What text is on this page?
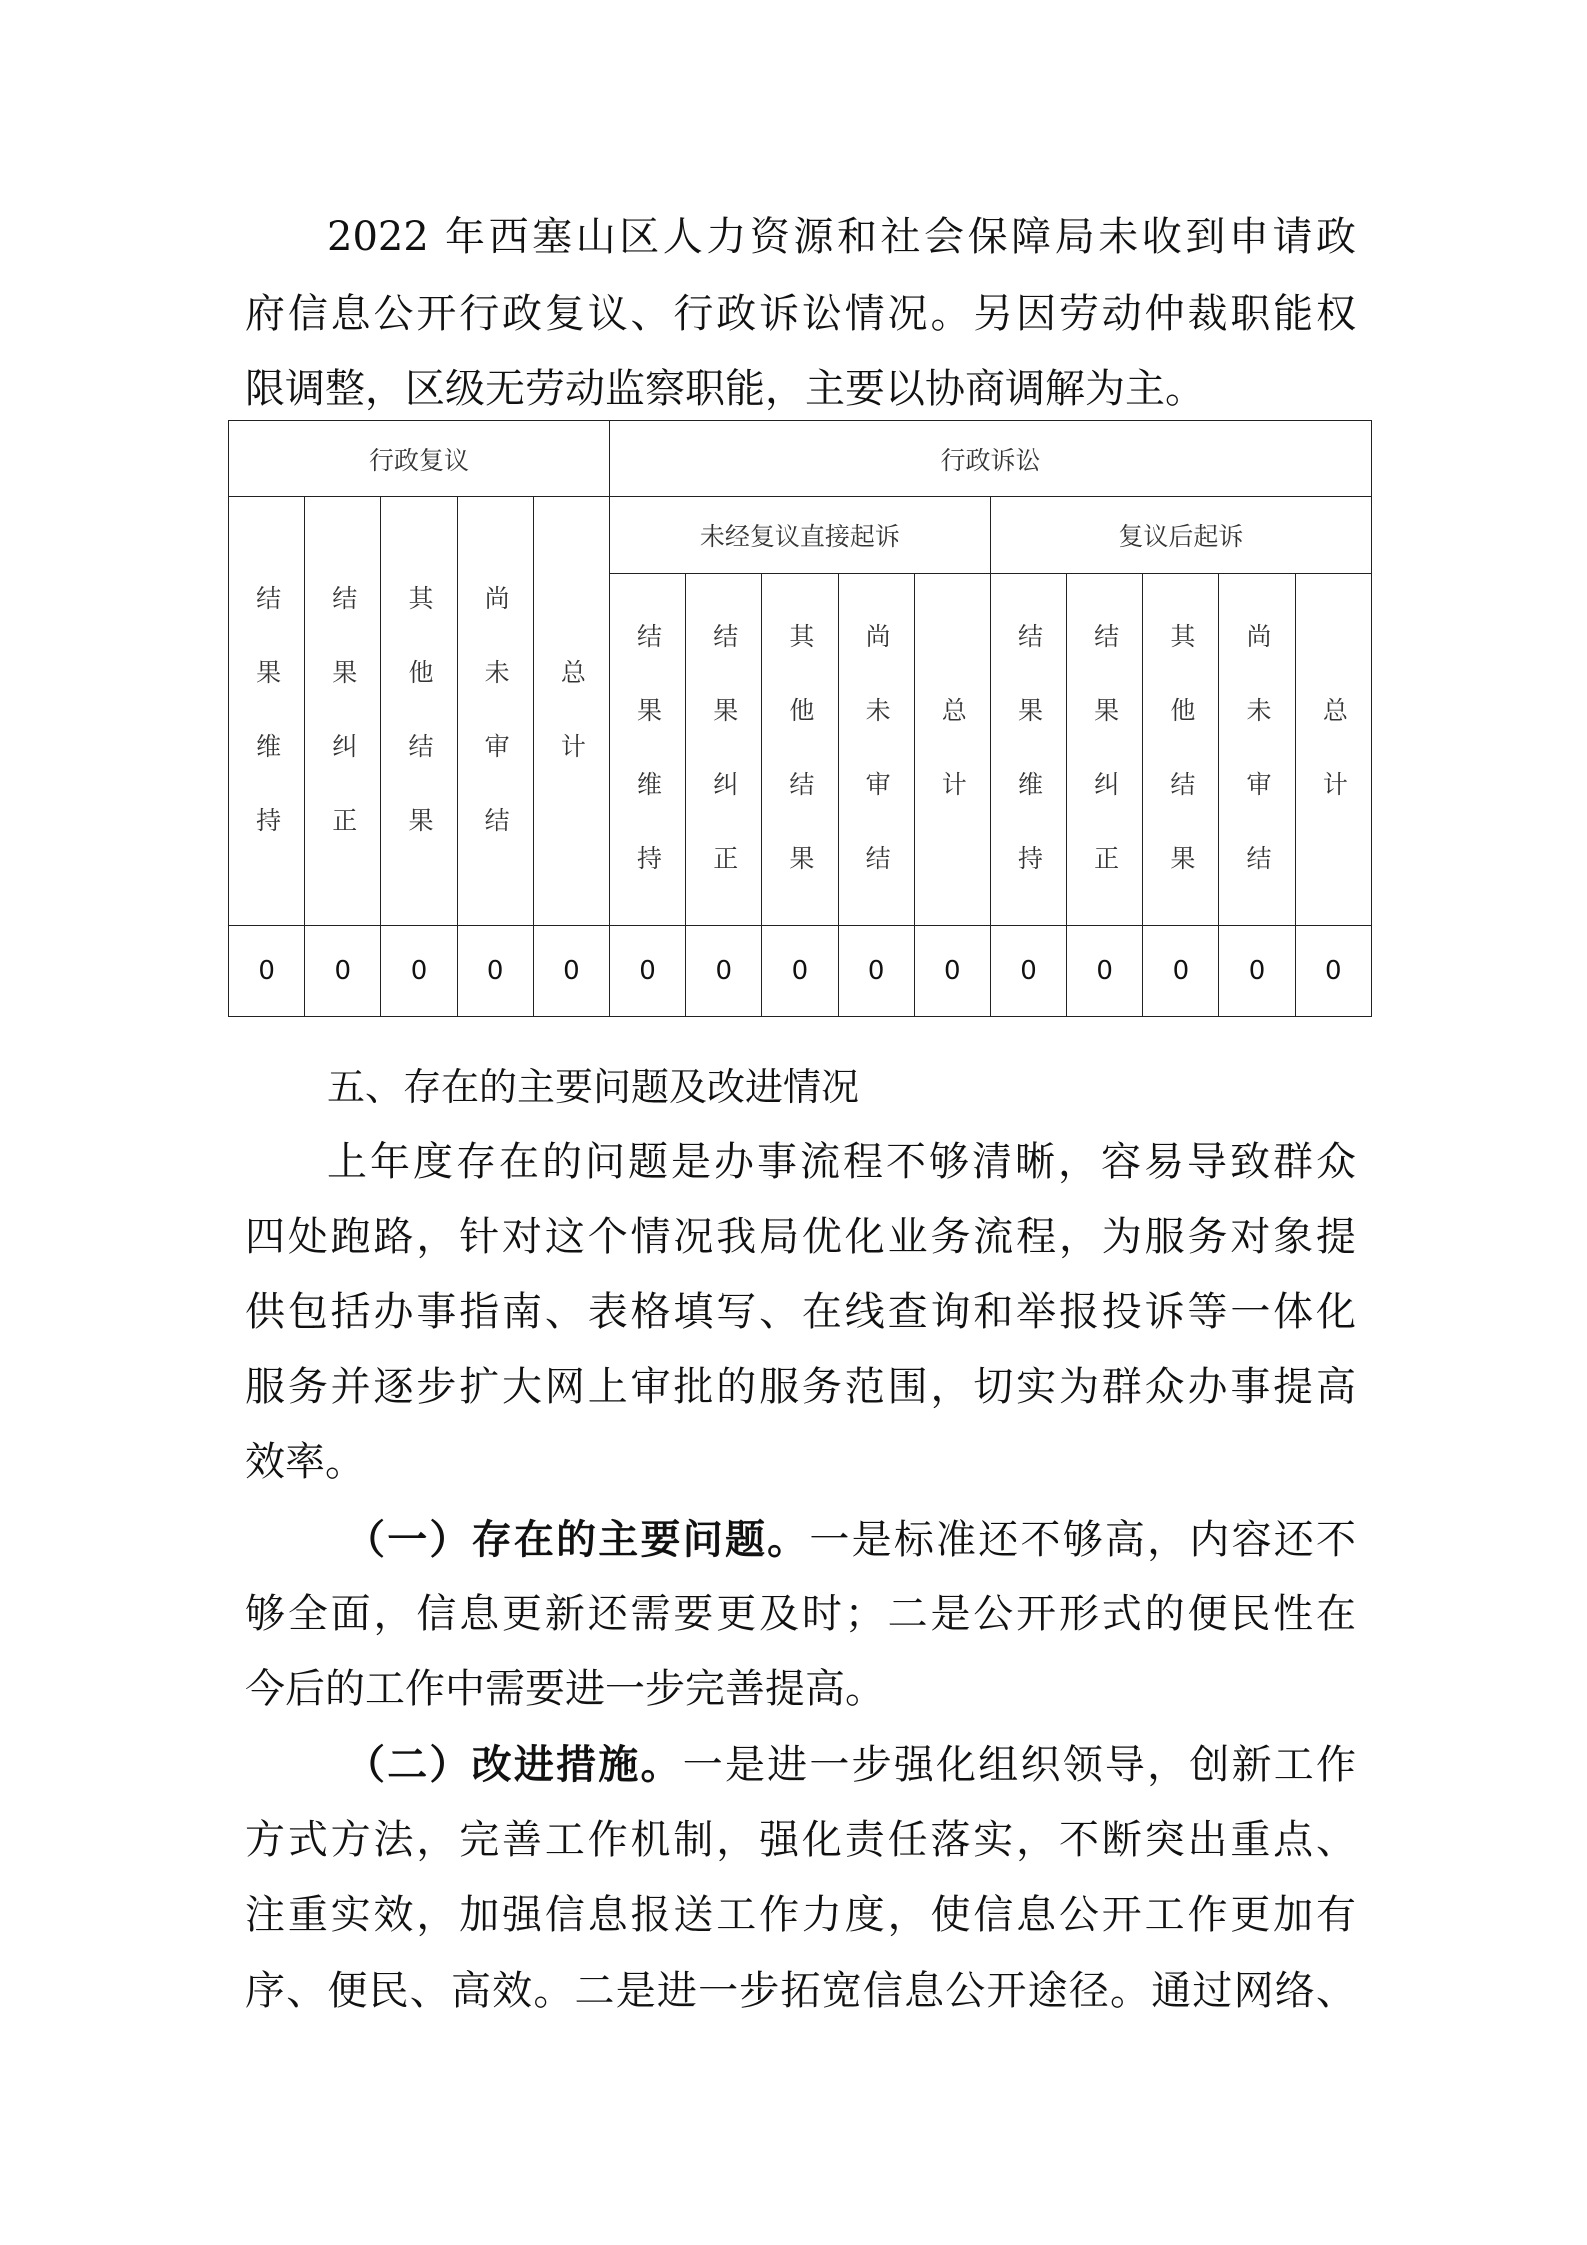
2022 年西塞山区人力资源和社会保障局未收到申请政
府信息公开行政复议、行政诉讼情况。另因劳动仲裁职能权
限调整，区级无劳动监察职能，主要以协商调解为主。
行政复议					行政诉讼									
结果维持	结果纠正	其他结果	尚未审结	总计	未经复议直接起诉					复议后起诉				
					结果维持	结果纠正	其他结果	尚未审结	总计	结果维持	结果纠正	其他结果	尚未审结	总计
0	0	0	0	0	0	0	0	0	0	0	0	0	0	0
五、存在的主要问题及改进情况
上年度存在的问题是办事流程不够清晰，容易导致群众
四处跑路，针对这个情况我局优化业务流程，为服务对象提
供包括办事指南、表格填写、在线查询和举报投诉等一体化
服务并逐步扩大网上审批的服务范围，切实为群众办事提高
效率。
（一）存在的主要问题。一是标准还不够高，内容还不
够全面，信息更新还需要更及时；二是公开形式的便民性在
今后的工作中需要进一步完善提高。
（二）改进措施。一是进一步强化组织领导，创新工作
方式方法，完善工作机制，强化责任落实，不断突出重点、
注重实效，加强信息报送工作力度，使信息公开工作更加有
序、便民、高效。二是进一步拓宽信息公开途径。通过网络、
